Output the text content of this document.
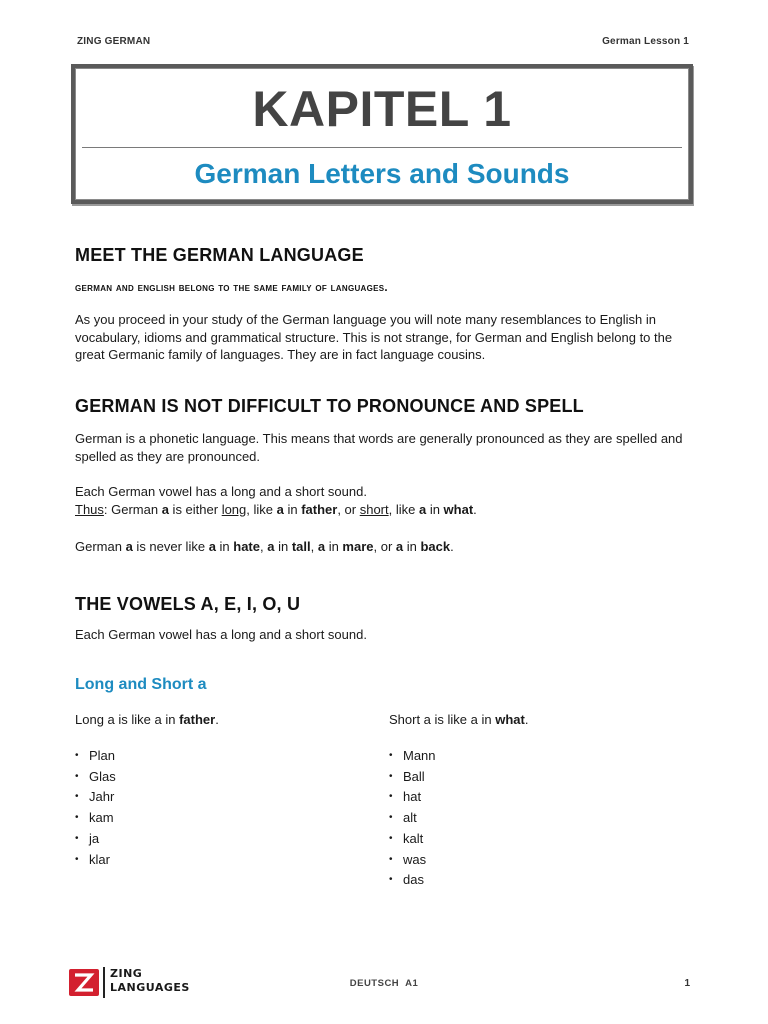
ZING GERMAN	German Lesson 1
KAPITEL 1
German Letters and Sounds
MEET THE GERMAN LANGUAGE
german and english belong to the same family of languages.
As you proceed in your study of the German language you will note many resemblances to English in vocabulary, idioms and grammatical structure. This is not strange, for German and English belong to the great Germanic family of languages. They are in fact language cousins.
GERMAN IS NOT DIFFICULT TO PRONOUNCE AND SPELL
German is a phonetic language. This means that words are generally pronounced as they are spelled and spelled as they are pronounced.
Each German vowel has a long and a short sound.
Thus: German a is either long, like a in father, or short, like a in what.
German a is never like a in hate, a in tall, a in mare, or a in back.
THE VOWELS A, E, I, O, U
Each German vowel has a long and a short sound.
Long and Short a
Long a is like a in father.	Short a is like a in what.
• Plan
• Glas
• Jahr
• kam
• ja
• klar
• Mann
• Ball
• hat
• alt
• kalt
• was
• das
ZING
LANGUAGES	DEUTSCH  A1	1
